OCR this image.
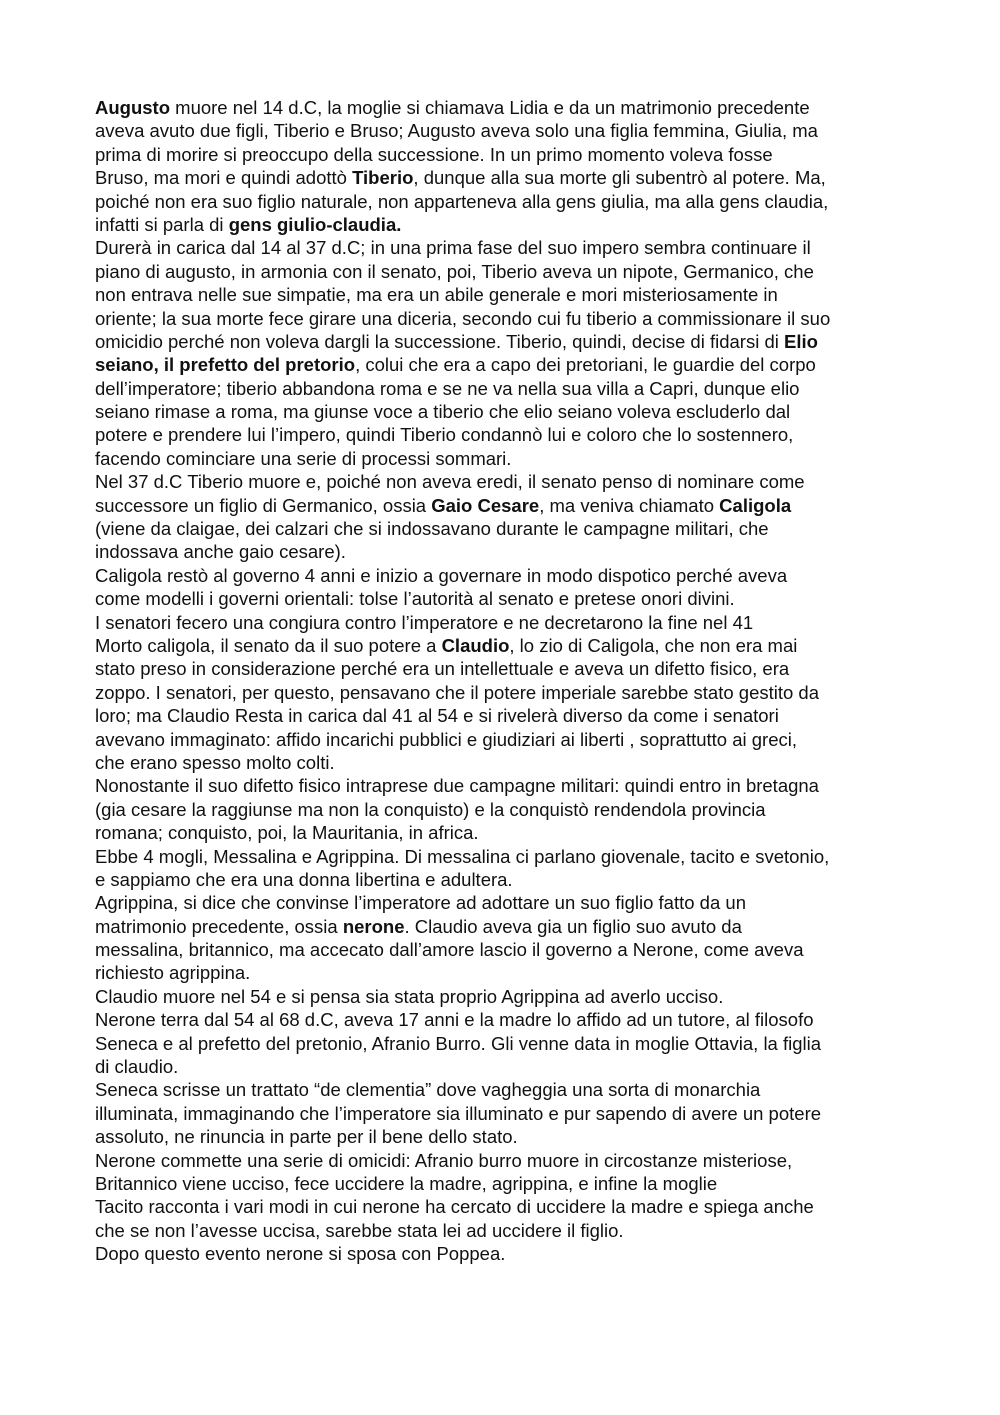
Augusto muore nel 14 d.C, la moglie si chiamava Lidia e da un matrimonio precedente
aveva avuto due figli, Tiberio e Bruso; Augusto aveva solo una figlia femmina, Giulia, ma
prima di morire si preoccupo della successione. In un primo momento voleva fosse
Bruso, ma mori e quindi adottò Tiberio, dunque alla sua morte gli subentrò al potere. Ma,
poiché non era suo figlio naturale, non apparteneva alla gens giulia, ma alla gens claudia,
infatti si parla di gens giulio-claudia.
Durerà in carica dal 14 al 37 d.C; in una prima fase del suo impero sembra continuare il
piano di augusto, in armonia con il senato, poi, Tiberio aveva un nipote, Germanico, che
non entrava nelle sue simpatie, ma era un abile generale e mori misteriosamente in
oriente; la sua morte fece girare una diceria, secondo cui fu tiberio a commissionare il suo
omicidio perché non voleva dargli la successione. Tiberio, quindi, decise di fidarsi di Elio
seiano, il prefetto del pretorio, colui che era a capo dei pretoriani, le guardie del corpo
dell’imperatore; tiberio abbandona roma e se ne va nella sua villa a Capri, dunque elio
seiano rimase a roma, ma giunse voce a tiberio che elio seiano voleva escluderlo dal
potere e prendere lui l’impero, quindi Tiberio condannò lui e coloro che lo sostennero,
facendo cominciare una serie di processi sommari.
Nel 37 d.C Tiberio muore e, poiché non aveva eredi, il senato penso di nominare come
successore un figlio di Germanico, ossia Gaio Cesare, ma veniva chiamato Caligola
(viene da claigae, dei calzari che si indossavano durante le campagne militari, che
indossava anche gaio cesare).
Caligola restò al governo 4 anni e inizio a governare in modo dispotico perché aveva
come modelli i governi orientali: tolse l’autorità al senato e pretese onori divini.
I senatori fecero una congiura contro l’imperatore e ne decretarono la fine nel 41
Morto caligola, il senato da il suo potere a Claudio, lo zio di Caligola, che non era mai
stato preso in considerazione perché era un intellettuale e aveva un difetto fisico, era
zoppo. I senatori, per questo, pensavano che il potere imperiale sarebbe stato gestito da
loro; ma Claudio Resta in carica dal 41 al 54 e si rivelerà diverso da come i senatori
avevano immaginato: affido incarichi pubblici e giudiziari ai liberti , soprattutto ai greci,
che erano spesso molto colti.
Nonostante il suo difetto fisico intraprese due campagne militari: quindi entro in bretagna
(gia cesare la raggiunse ma non la conquisto) e la conquistò rendendola provincia
romana; conquisto, poi, la Mauritania, in africa.
Ebbe 4 mogli, Messalina e Agrippina. Di messalina ci parlano giovenale, tacito e svetonio,
e sappiamo che era una donna libertina e adultera.
Agrippina, si dice che convinse l’imperatore ad adottare un suo figlio fatto da un
matrimonio precedente, ossia nerone. Claudio aveva gia un figlio suo avuto da
messalina, britannico, ma accecato dall’amore lascio il governo a Nerone, come aveva
richiesto agrippina.
Claudio muore nel 54 e si pensa sia stata proprio Agrippina ad averlo ucciso.
Nerone terra dal 54 al 68 d.C, aveva 17 anni e la madre lo affido ad un tutore, al filosofo
Seneca e al prefetto del pretonio, Afranio Burro. Gli venne data in moglie Ottavia, la figlia
di claudio.
Seneca scrisse un trattato “de clementia” dove vagheggia una sorta di monarchia
illuminata, immaginando che l’imperatore sia illuminato e pur sapendo di avere un potere
assoluto, ne rinuncia in parte per il bene dello stato.
Nerone commette una serie di omicidi: Afranio burro muore in circostanze misteriose,
Britannico viene ucciso, fece uccidere la madre, agrippina, e infine la moglie
Tacito racconta i vari modi in cui nerone ha cercato di uccidere la madre e spiega anche
che se non l’avesse uccisa, sarebbe stata lei ad uccidere il figlio.
Dopo questo evento nerone si sposa con Poppea.
